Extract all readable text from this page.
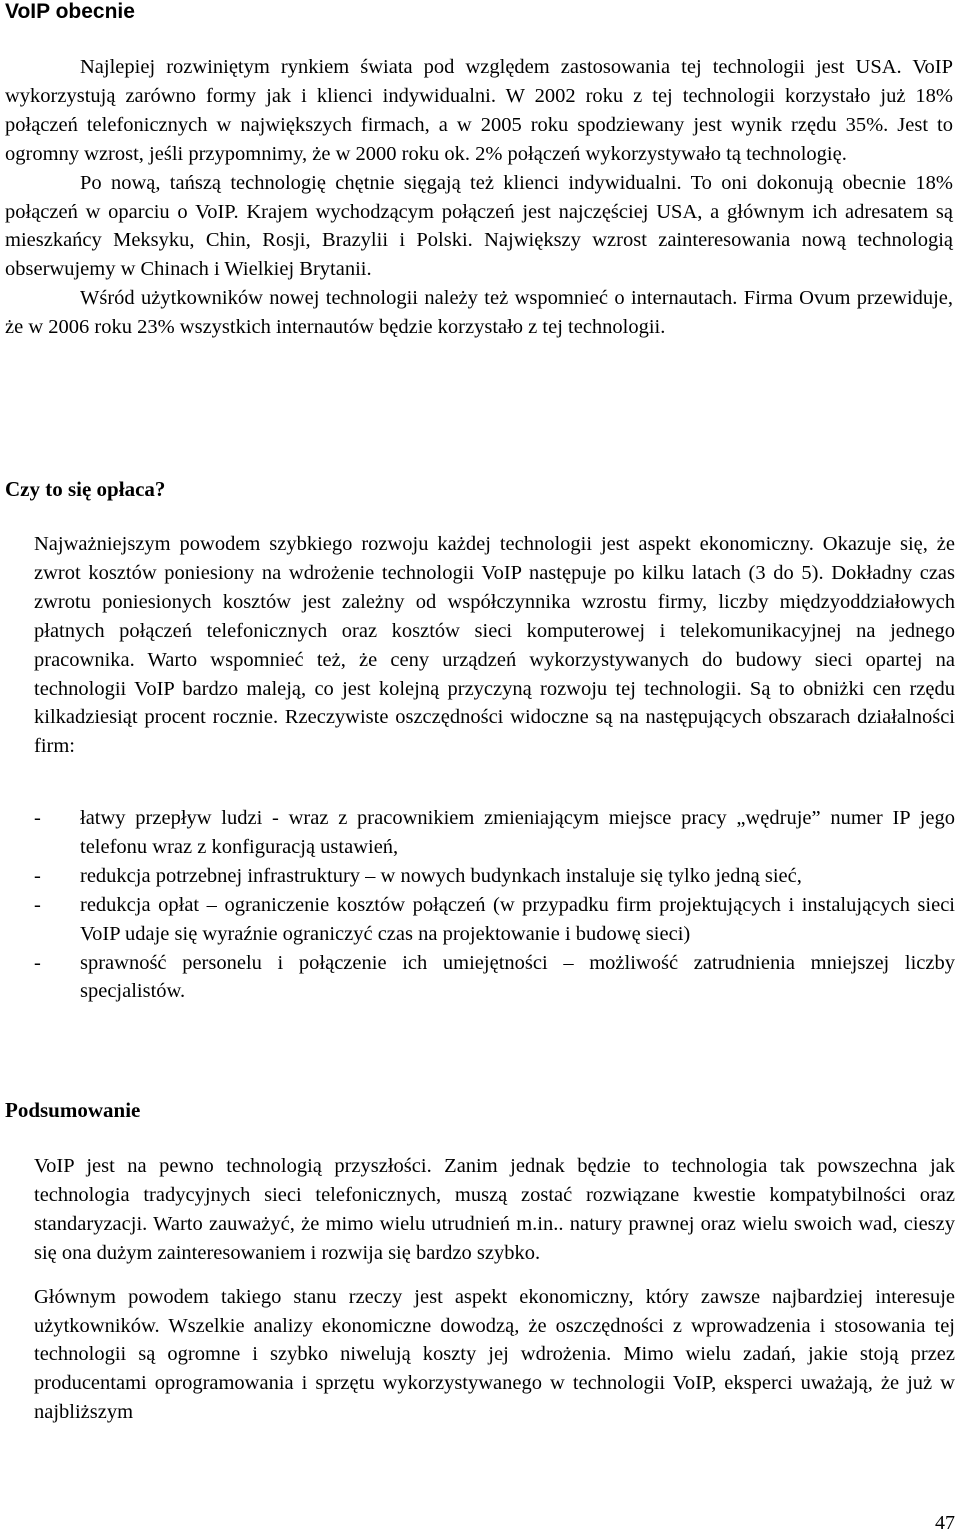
VoIP obecnie

Najlepiej rozwiniętym rynkiem świata pod względem zastosowania tej technologii jest USA. VoIP wykorzystują zarówno formy jak i klienci indywidualni. W 2002 roku z tej technologii korzystało już 18% połączeń telefonicznych w największych firmach, a w 2005 roku spodziewany jest wynik rzędu 35%. Jest to ogromny wzrost, jeśli przypomnimy, że w 2000 roku ok. 2% połączeń wykorzystywało tą technologię.

Po nową, tańszą technologię chętnie sięgają też klienci indywidualni. To oni dokonują obecnie 18% połączeń w oparciu o VoIP. Krajem wychodzącym połączeń jest najczęściej USA, a głównym ich adresatem są mieszkańcy Meksyku, Chin, Rosji, Brazylii i Polski. Największy wzrost zainteresowania nową technologią obserwujemy w Chinach i Wielkiej Brytanii.

Wśród użytkowników nowej technologii należy też wspomnieć o internautach. Firma Ovum przewiduje, że w 2006 roku 23% wszystkich internautów będzie korzystało z tej technologii.

Czy to się opłaca?

Najważniejszym powodem szybkiego rozwoju każdej technologii jest aspekt ekonomiczny. Okazuje się, że zwrot kosztów poniesiony na wdrożenie technologii VoIP następuje po kilku latach (3 do 5). Dokładny czas zwrotu poniesionych kosztów jest zależny od współczynnika wzrostu firmy, liczby międzyoddziałowych płatnych połączeń telefonicznych oraz kosztów sieci komputerowej i telekomunikacyjnej na jednego pracownika. Warto wspomnieć też, że ceny urządzeń wykorzystywanych do budowy sieci opartej na technologii VoIP bardzo maleją, co jest kolejną przyczyną rozwoju tej technologii. Są to obniżki cen rzędu kilkadziesiąt procent rocznie. Rzeczywiste oszczędności widoczne są na następujących obszarach działalności firm:

- łatwy przepływ ludzi - wraz z pracownikiem zmieniającym miejsce pracy „wędruje” numer IP jego telefonu wraz z konfiguracją ustawień,
- redukcja potrzebnej infrastruktury – w nowych budynkach instaluje się tylko jedną sieć,
- redukcja opłat – ograniczenie kosztów połączeń (w przypadku firm projektujących i instalujących sieci VoIP udaje się wyraźnie ograniczyć czas na projektowanie i budowę sieci)
- sprawność personelu i połączenie ich umiejętności – możliwość zatrudnienia mniejszej liczby specjalistów.
Podsumowanie

VoIP jest na pewno technologią przyszłości. Zanim jednak będzie to technologia tak powszechna jak technologia tradycyjnych sieci telefonicznych, muszą zostać rozwiązane kwestie kompatybilności oraz standaryzacji. Warto zauważyć, że mimo wielu utrudnień m.in.. natury prawnej oraz wielu swoich wad, cieszy się ona dużym zainteresowaniem i rozwija się bardzo szybko.

Głównym powodem takiego stanu rzeczy jest aspekt ekonomiczny, który zawsze najbardziej interesuje użytkowników. Wszelkie analizy ekonomiczne dowodzą, że oszczędności z wprowadzenia i stosowania tej technologii są ogromne i szybko niwelują koszty jej wdrożenia. Mimo wielu zadań, jakie stoją przez producentami oprogramowania i sprzętu wykorzystywanego w technologii VoIP, eksperci uważają, że już w najbliższym

47
